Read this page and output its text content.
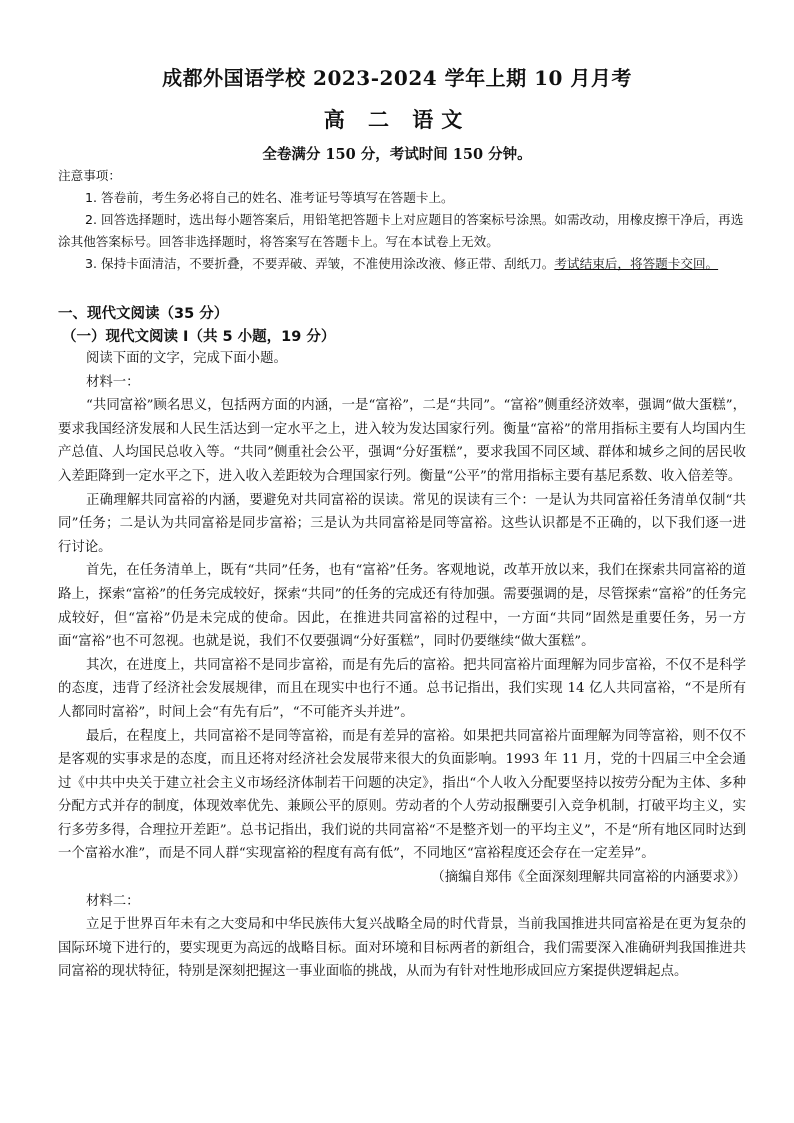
成都外国语学校 2023-2024 学年上期 10 月月考
高 二 语文
全卷满分 150 分，考试时间 150 分钟。

注意事项：

1. 答卷前，考生务必将自己的姓名、准考证号等填写在答题卡上。

2. 回答选择题时，选出每小题答案后，用铅笔把答题卡上对应题目的答案标号涂黑。如需改动，用橡皮擦干净后，再选涂其他答案标号。回答非选择题时，将答案写在答题卡上。写在本试卷上无效。

3. 保持卡面清洁，不要折叠，不要弄破、弄皱，不准使用涂改液、修正带、刮纸刀。考试结束后，将答题卡交回。

一、现代文阅读（35 分）
（一）现代文阅读 I（共 5 小题，19 分）

阅读下面的文字，完成下面小题。

材料一：

“共同富裕”顾名思义，包括两方面的内涵，一是“富裕”，二是“共同”。“富裕”侧重经济效率，强调“做大蛋糕”，要求我国经济发展和人民生活达到一定水平之上，进入较为发达国家行列。衡量“富裕”的常用指标主要有人均国内生产总值、人均国民总收入等。“共同”侧重社会公平，强调“分好蛋糕”，要求我国不同区域、群体和城乡之间的居民收入差距降到一定水平之下，进入收入差距较为合理国家行列。衡量“公平”的常用指标主要有基尼系数、收入倍差等。

正确理解共同富裕的内涵，要避免对共同富裕的误读。常见的误读有三个：一是认为共同富裕任务清单仅制“共同”任务；二是认为共同富裕是同步富裕；三是认为共同富裕是同等富裕。这些认识都是不正确的，以下我们逐一进行讨论。

首先，在任务清单上，既有“共同”任务，也有“富裕”任务。客观地说，改革开放以来，我们在探索共同富裕的道路上，探索“富裕”的任务完成较好，探索“共同”的任务的完成还有待加强。需要强调的是，尽管探索“富裕”的任务完成较好，但“富裕”仍是未完成的使命。因此，在推进共同富裕的过程中，一方面“共同”固然是重要任务，另一方面“富裕”也不可忽视。也就是说，我们不仅要强调“分好蛋糕”，同时仍要继续“做大蛋糕”。

其次，在进度上，共同富裕不是同步富裕，而是有先后的富裕。把共同富裕片面理解为同步富裕，不仅不是科学的态度，违背了经济社会发展规律，而且在现实中也行不通。总书记指出，我们实现 14 亿人共同富裕，“不是所有人都同时富裕”，时间上会“有先有后”，“不可能齐头并进”。

最后，在程度上，共同富裕不是同等富裕，而是有差异的富裕。如果把共同富裕片面理解为同等富裕，则不仅不是客观的实事求是的态度，而且还将对经济社会发展带来很大的负面影响。1993 年 11 月，党的十四届三中全会通过《中共中央关于建立社会主义市场经济体制若干问题的决定》，指出“个人收入分配要坚持以按劳分配为主体、多种分配方式并存的制度，体现效率优先、兼顾公平的原则。劳动者的个人劳动报酬要引入竞争机制，打破平均主义，实行多劳多得，合理拉开差距”。总书记指出，我们说的共同富裕“不是整齐划一的平均主义”，不是“所有地区同时达到一个富裕水准”，而是不同人群“实现富裕的程度有高有低”，不同地区“富裕程度还会存在一定差异”。

（摘编自郑伟《全面深刻理解共同富裕的内涵要求》）

材料二：

立足于世界百年未有之大变局和中华民族伟大复兴战略全局的时代背景，当前我国推进共同富裕是在更为复杂的国际环境下进行的，要实现更为高远的战略目标。面对环境和目标两者的新组合，我们需要深入准确研判我国推进共同富裕的现状特征，特别是深刻把握这一事业面临的挑战，从而为有针对性地形成回应方案提供逻辑起点。
